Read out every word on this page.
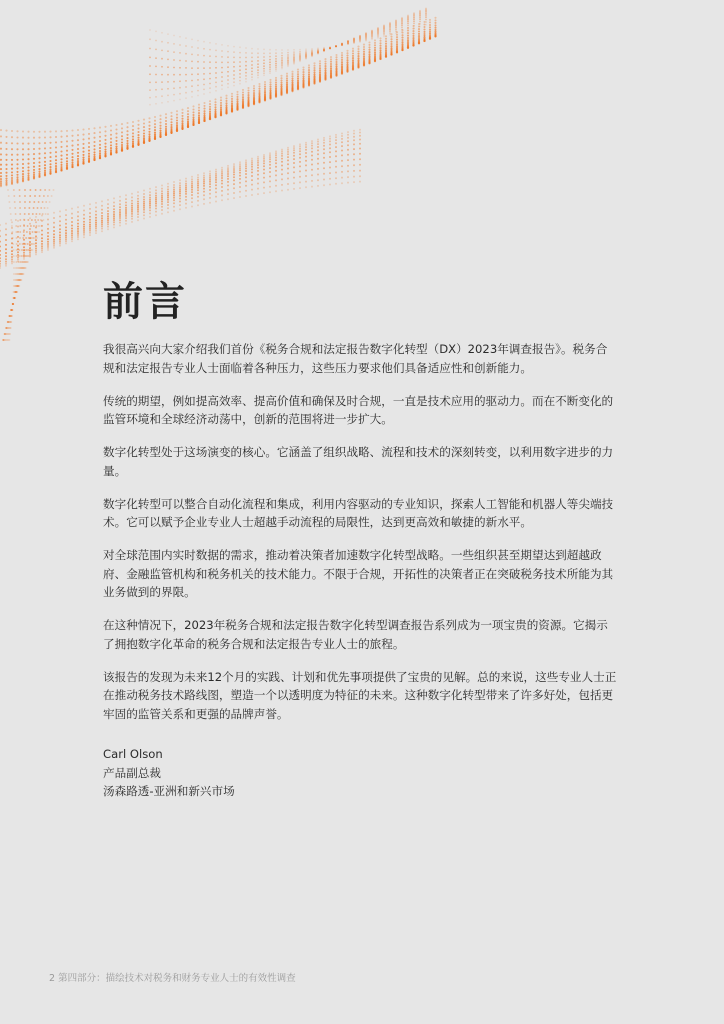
前言

我很高兴向大家介绍我们首份《税务合规和法定报告数字化转型（DX）2023年调查报告》。税务合规和法定报告专业人士面临着各种压力，这些压力要求他们具备适应性和创新能力。

传统的期望，例如提高效率、提高价值和确保及时合规，一直是技术应用的驱动力。而在不断变化的监管环境和全球经济动荡中，创新的范围将进一步扩大。

数字化转型处于这场演变的核心。它涵盖了组织战略、流程和技术的深刻转变，以利用数字进步的力量。

数字化转型可以整合自动化流程和集成，利用内容驱动的专业知识，探索人工智能和机器人等尖端技术。它可以赋予企业专业人士超越手动流程的局限性，达到更高效和敏捷的新水平。

对全球范围内实时数据的需求，推动着决策者加速数字化转型战略。一些组织甚至期望达到超越政府、金融监管机构和税务机关的技术能力。不限于合规，开拓性的决策者正在突破税务技术所能为其业务做到的界限。

在这种情况下，2023年税务合规和法定报告数字化转型调查报告系列成为一项宝贵的资源。它揭示了拥抱数字化革命的税务合规和法定报告专业人士的旅程。

该报告的发现为未来12个月的实践、计划和优先事项提供了宝贵的见解。总的来说，这些专业人士正在推动税务技术路线图，塑造一个以透明度为特征的未来。这种数字化转型带来了许多好处，包括更牢固的监管关系和更强的品牌声誉。

Carl Olson
产品副总裁
汤森路透-亚洲和新兴市场
2 第四部分：描绘技术对税务和财务专业人士的有效性调查
